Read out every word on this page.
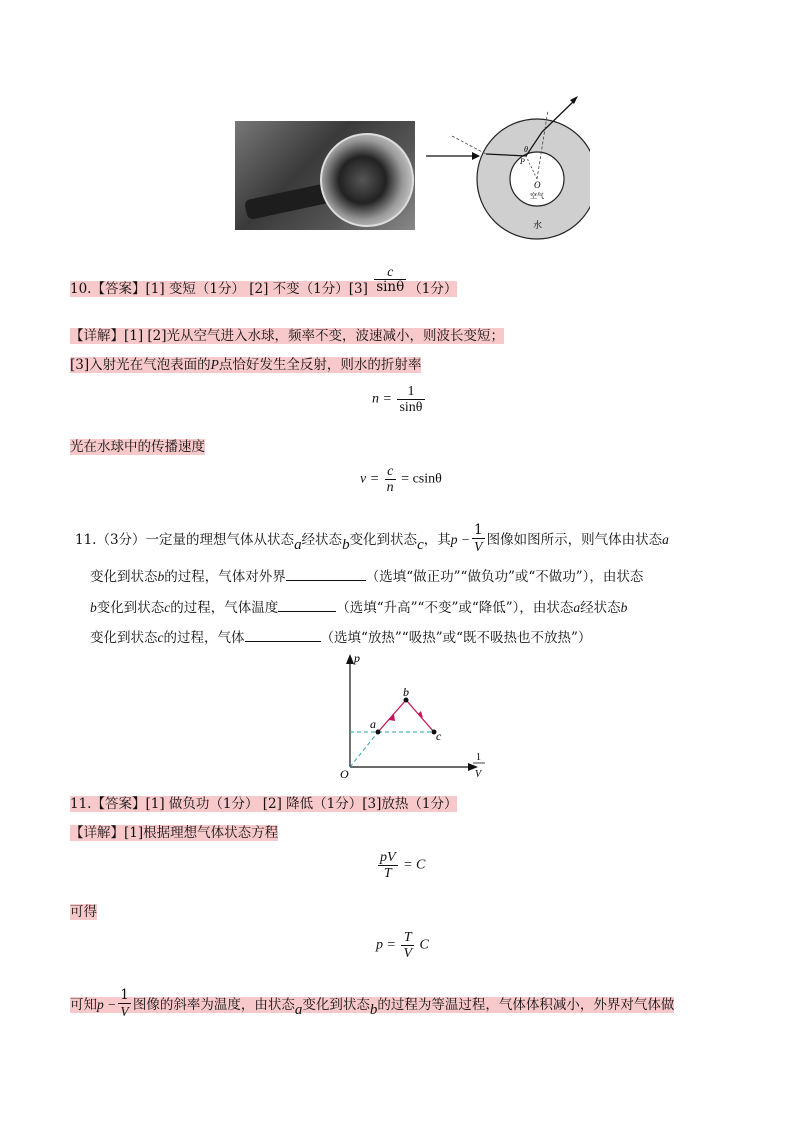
θ
P
O
空气
水
10.【答案】[1] 变短（1分） [2] 不变（1分）$[3] \frac{c}{\sin\theta} (1$分）
【详解】[1] [2]光从空气进入水球，频率不变，波速减小，则波长变短；
[3]入射光在气泡表面的P点恰好发生全反射，则水的折射率
$n = \frac{1}{\sin\theta}$
光在水球中的传播速度
$v = \frac{c}{n} = csin\theta$
11.（3分）一定量的理想气体从状态a经状态b变化到状态c，其$p - \frac{1}{V}$ 图像如图所示，则气体由状态a
变化到状态b的过程，气体对外界	（选填“做正功”“做负功”或“不做功”），由状态
b变化到状态c的过程，气体温度	（选填“升高”“不变”或“降低”），由状态a经状态b
变化到状态c的过程，气体	（选填“放热”“吸热”或“既不吸热也不放热”）
p
O
a
b
c
1
V
11.【答案】[1] 做负功（1分） [2] 降低（1分）[3]放热（1分）
【详解】[1]根据理想气体状态方程
$\frac{pV}{T} = C$
可得
$p = \frac{T}{V}$ C
可知$p - \frac{1}{V}$ 图像的斜率为温度，由状态a变化到状态b的过程为等温过程，气体体积减小，外界对气体做
